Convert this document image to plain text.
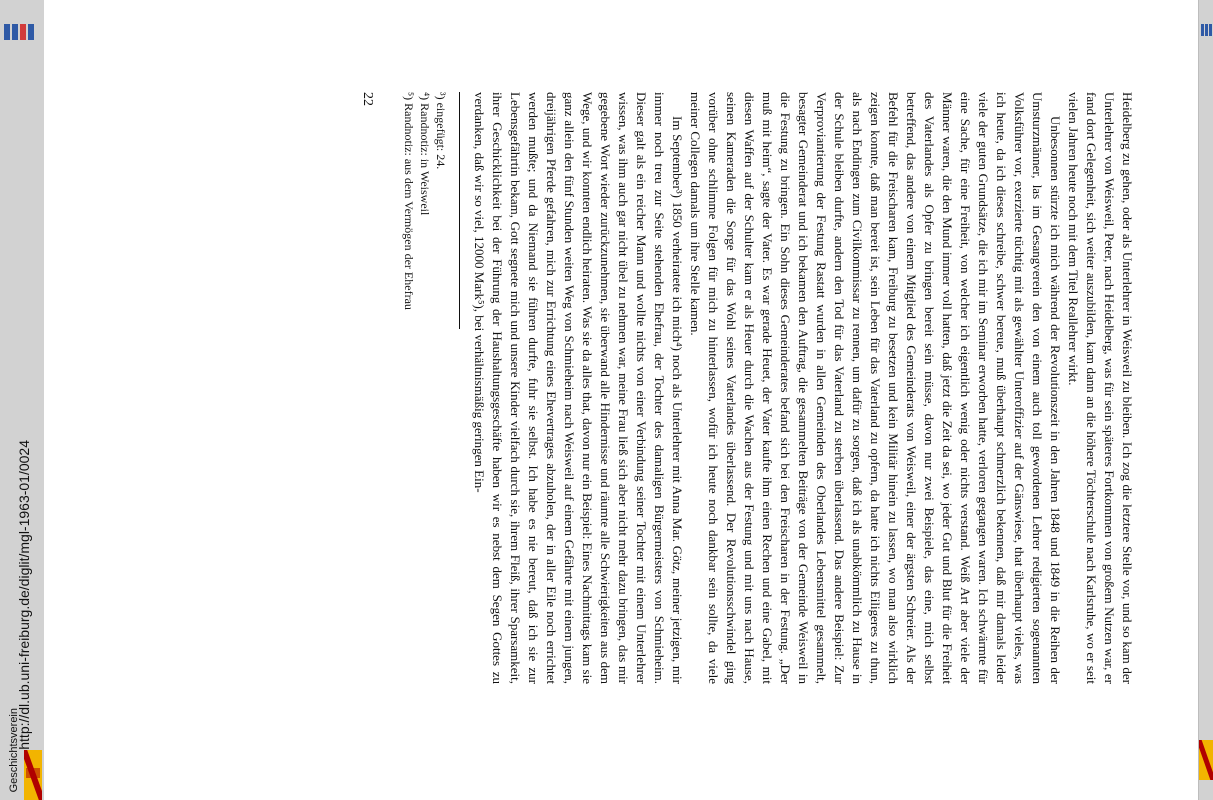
http://dl.ub.uni-freiburg.de/diglit/mgl-1963-01/0024
Geschichtsverein

Heidelberg zu gehen, oder als Unterlehrer in Weisweil zu bleiben. Ich zog die letztere Stelle vor, und so kam der Unterlehrer von Weisweil, Peter, nach Heidelberg, was für sein späteres Fortkommen von großem Nutzen war, er fand dort Gelegenheit, sich weiter auszubilden, kam dann an die höhere Töchterschule nach Karlsruhe, wo er seit vielen Jahren heute noch mit dem Titel Reallehrer wirkt.

Unbesonnen stürzte ich mich während der Revolutionszeit in den Jahren 1848 und 1849 in die Reihen der Umsturzmänner, las im Gesangverein den von einem auch toll gewordenen Lehrer redigierten sogenannten Volksführer vor, exerzierte tüchtig mit als gewählter Unteroffizier auf der Gänswiese, that überhaupt vieles, was ich heute, da ich dieses schreibe, schwer bereue, muß überhaupt schmerzlich bekennen, daß mir damals leider viele der guten Grundsätze, die ich mir im Seminar erworben hatte, verloren gegangen waren. Ich schwärmte für eine Sache, für eine Freiheit, von welcher ich eigentlich wenig oder nichts verstand. Weiß Art aber viele der Männer waren, die den Mund immer voll hatten, daß jetzt die Zeit da sei, wo jeder Gut und Blut für die Freiheit des Vaterlandes als Opfer zu bringen bereit sein müsse, davon nur zwei Beispiele, das eine, mich selbst betreffend, das andere von einem Mitglied des Gemeinderats von Weisweil, einer der ärgsten Schreier. Als der Befehl für die Freischaren kam, Freiburg zu besetzen und kein Militär hinein zu lassen, wo man also wirklich zeigen konnte, daß man bereit ist, sein Leben für das Vaterland zu opfern, da hatte ich nichts Eiligeres zu thun, als nach Endingen zum Civilkommissar zu rennen, um dafür zu sorgen, daß ich als unabkömmlich zu Hause in der Schule bleiben durfte, andern den Tod für das Vaterland zu sterben überlassend. Das andere Beispiel: Zur Verproviantierung der Festung Rastatt wurden in allen Gemeinden des Oberlandes Lebensmittel gesammelt, besagter Gemeinderat und ich bekamen den Auftrag, die gesammelten Beiträge von der Gemeinde Weisweil in die Festung zu bringen. Ein Sohn dieses Gemeinderates befand sich bei den Freischaren in der Festung. „Der muß mit heim“, sagte der Vater. Es war gerade Heuet, der Vater kaufte ihm einen Rechen und eine Gabel, mit diesen Waffen auf der Schulter kam er als Heuer durch die Wachen aus der Festung und mit uns nach Hause, seinen Kameraden die Sorge für das Wohl seines Vaterlandes überlassend. Der Revolutionsschwindel ging vorüber ohne schlimme Folgen für mich zu hinterlassen, wofür ich heute noch dankbar sein sollte, da viele meiner Collegen damals um ihre Stelle kamen.

Im September³) 1850 verheiratete ich mich⁴) noch als Unterlehrer mit Anna Mar. Götz, meiner jetzigen, mir immer noch treu zur Seite stehenden Ehefrau, der Tochter des damaligen Bürgermeisters von Schmieheim. Dieser galt als ein reicher Mann und wollte nichts von einer Verbindung seiner Tochter mit einem Unterlehrer wissen, was ihm auch gar nicht übel zu nehmen war, meine Frau ließ sich aber nicht mehr dazu bringen, das mir gegebene Wort wieder zurückzunehmen, sie überwand alle Hindernisse und räumte alle Schwierigkeiten aus dem Wege, und wir konnten endlich heiraten. Was sie da alles that, davon nur ein Beispiel: Eines Nachmittags kam sie ganz allein den fünf Stunden weiten Weg von Schmieheim nach Weisweil auf einem Gefährte mit einem jungen, dreijährigen Pferde gefahren, mich zur Errichtung eines Ehevertrages abzuholen, der in aller Eile noch errichtet werden mußte; und da Niemand sie führen durfte, fuhr sie selbst. Ich habe es nie bereut, daß ich sie zur Lebensgefährtin bekam, Gott segnete mich und unsere Kinder vielfach durch sie, ihrem Fleiß, ihrer Sparsamkeit, ihrer Geschicklichkeit bei der Führung der Haushaltungsgeschäfte haben wir es nebst dem Segen Gottes zu verdanken, daß wir so viel, 12000 Mark⁵), bei verhältnismäßig geringen Ein-

³) eingefügt: 24.
⁴) Randnotiz: in Weisweil
⁵) Randnotiz: aus dem Vermögen der Ehefrau
22
